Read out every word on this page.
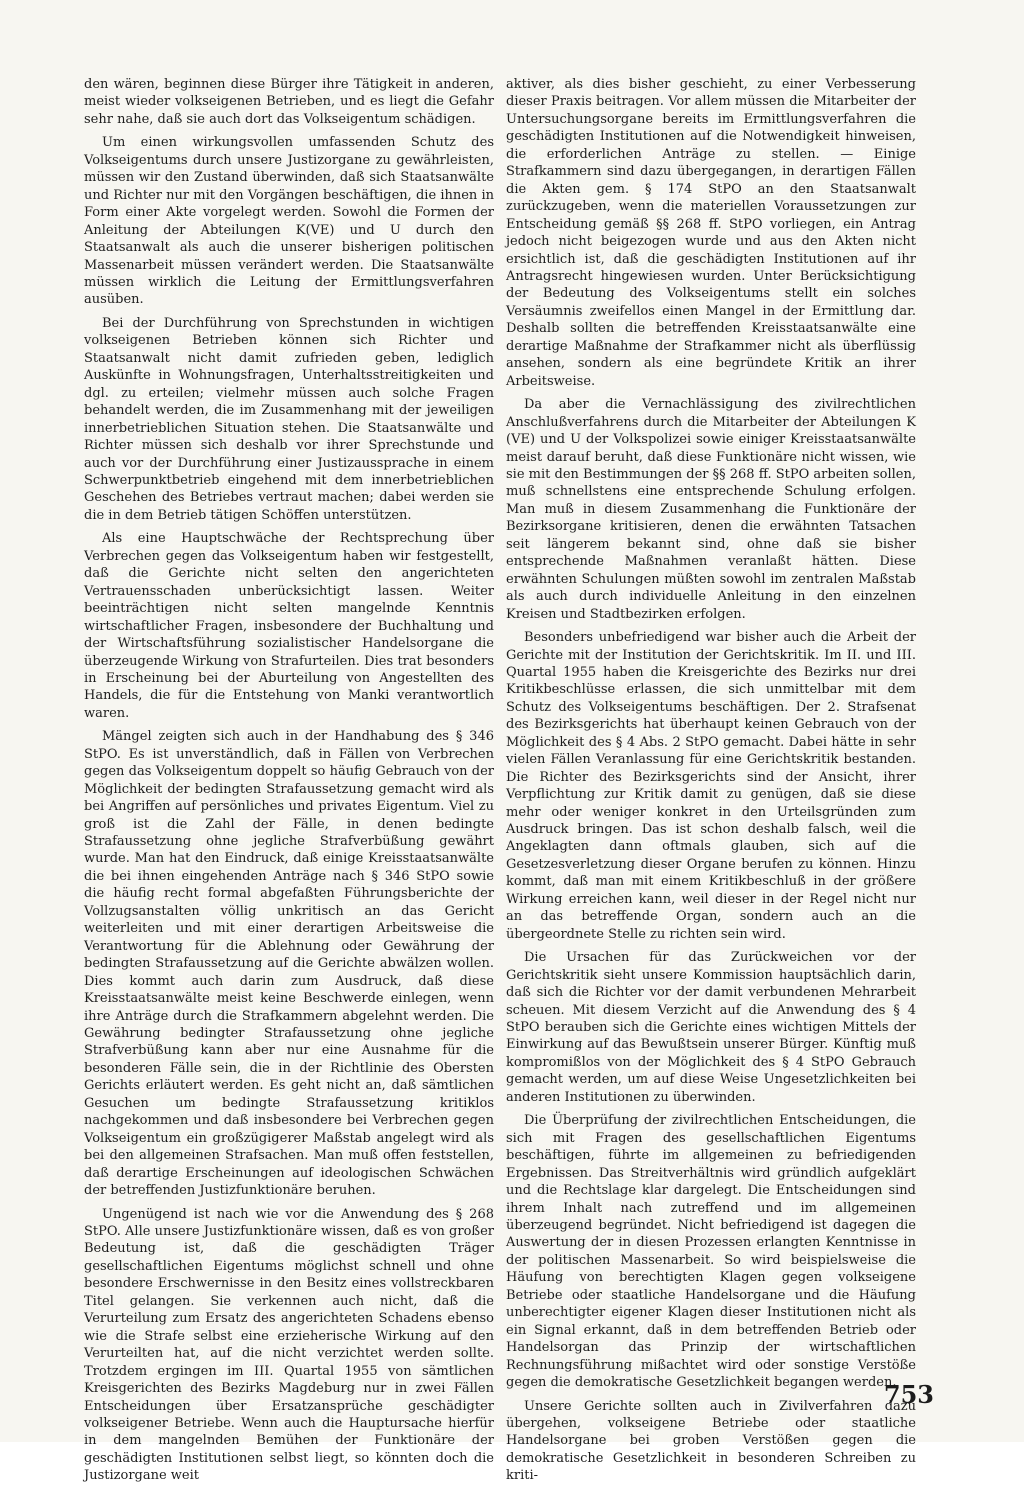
den wären, beginnen diese Bürger ihre Tätigkeit in anderen, meist wieder volkseigenen Betrieben, und es liegt die Gefahr sehr nahe, daß sie auch dort das Volkseigentum schädigen.

Um einen wirkungsvollen umfassenden Schutz des Volkseigentums durch unsere Justizorgane zu gewährleisten, müssen wir den Zustand überwinden, daß sich Staatsanwälte und Richter nur mit den Vorgängen beschäftigen, die ihnen in Form einer Akte vorgelegt werden. Sowohl die Formen der Anleitung der Abteilungen K(VE) und U durch den Staatsanwalt als auch die unserer bisherigen politischen Massenarbeit müssen verändert werden. Die Staatsanwälte müssen wirklich die Leitung der Ermittlungsverfahren ausüben.

Bei der Durchführung von Sprechstunden in wichtigen volkseigenen Betrieben können sich Richter und Staatsanwalt nicht damit zufrieden geben, lediglich Auskünfte in Wohnungsfragen, Unterhaltsstreitigkeiten und dgl. zu erteilen; vielmehr müssen auch solche Fragen behandelt werden, die im Zusammenhang mit der jeweiligen innerbetrieblichen Situation stehen. Die Staatsanwälte und Richter müssen sich deshalb vor ihrer Sprechstunde und auch vor der Durchführung einer Justizaussprache in einem Schwerpunktbetrieb eingehend mit dem innerbetrieblichen Geschehen des Betriebes vertraut machen; dabei werden sie die in dem Betrieb tätigen Schöffen unterstützen.

Als eine Hauptschwäche der Rechtsprechung über Verbrechen gegen das Volkseigentum haben wir festgestellt, daß die Gerichte nicht selten den angerichteten Vertrauensschaden unberücksichtigt lassen. Weiter beeinträchtigen nicht selten mangelnde Kenntnis wirtschaftlicher Fragen, insbesondere der Buchhaltung und der Wirtschaftsführung sozialistischer Handelsorgane die überzeugende Wirkung von Strafurteilen. Dies trat besonders in Erscheinung bei der Aburteilung von Angestellten des Handels, die für die Entstehung von Manki verantwortlich waren.

Mängel zeigten sich auch in der Handhabung des § 346 StPO. Es ist unverständlich, daß in Fällen von Verbrechen gegen das Volkseigentum doppelt so häufig Gebrauch von der Möglichkeit der bedingten Strafaussetzung gemacht wird als bei Angriffen auf persönliches und privates Eigentum. Viel zu groß ist die Zahl der Fälle, in denen bedingte Strafaussetzung ohne jegliche Strafverbüßung gewährt wurde. Man hat den Eindruck, daß einige Kreisstaatsanwälte die bei ihnen eingehenden Anträge nach § 346 StPO sowie die häufig recht formal abgefaßten Führungsberichte der Vollzugsanstalten völlig unkritisch an das Gericht weiterleiten und mit einer derartigen Arbeitsweise die Verantwortung für die Ablehnung oder Gewährung der bedingten Strafaussetzung auf die Gerichte abwälzen wollen. Dies kommt auch darin zum Ausdruck, daß diese Kreisstaatsanwälte meist keine Beschwerde einlegen, wenn ihre Anträge durch die Strafkammern abgelehnt werden. Die Gewährung bedingter Strafaussetzung ohne jegliche Strafverbüßung kann aber nur eine Ausnahme für die besonderen Fälle sein, die in der Richtlinie des Obersten Gerichts erläutert werden. Es geht nicht an, daß sämtlichen Gesuchen um bedingte Strafaussetzung kritiklos nachgekommen und daß insbesondere bei Verbrechen gegen Volkseigentum ein großzügigerer Maßstab angelegt wird als bei den allgemeinen Strafsachen. Man muß offen feststellen, daß derartige Erscheinungen auf ideologischen Schwächen der betreffenden Justizfunktionäre beruhen.

Ungenügend ist nach wie vor die Anwendung des § 268 StPO. Alle unsere Justizfunktionäre wissen, daß es von großer Bedeutung ist, daß die geschädigten Träger gesellschaftlichen Eigentums möglichst schnell und ohne besondere Erschwernisse in den Besitz eines vollstreckbaren Titel gelangen. Sie verkennen auch nicht, daß die Verurteilung zum Ersatz des angerichteten Schadens ebenso wie die Strafe selbst eine erzieherische Wirkung auf den Verurteilten hat, auf die nicht verzichtet werden sollte. Trotzdem ergingen im III. Quartal 1955 von sämtlichen Kreisgerichten des Bezirks Magdeburg nur in zwei Fällen Entscheidungen über Ersatzansprüche geschädigter volkseigener Betriebe. Wenn auch die Hauptursache hierfür in dem mangelnden Bemühen der Funktionäre der geschädigten Institutionen selbst liegt, so könnten doch die Justizorgane weit

aktiver, als dies bisher geschieht, zu einer Verbesserung dieser Praxis beitragen. Vor allem müssen die Mitarbeiter der Untersuchungsorgane bereits im Ermittlungsverfahren die geschädigten Institutionen auf die Notwendigkeit hinweisen, die erforderlichen Anträge zu stellen. — Einige Strafkammern sind dazu übergegangen, in derartigen Fällen die Akten gem. § 174 StPO an den Staatsanwalt zurückzugeben, wenn die materiellen Voraussetzungen zur Entscheidung gemäß §§ 268 ff. StPO vorliegen, ein Antrag jedoch nicht beigezogen wurde und aus den Akten nicht ersichtlich ist, daß die geschädigten Institutionen auf ihr Antragsrecht hingewiesen wurden. Unter Berücksichtigung der Bedeutung des Volkseigentums stellt ein solches Versäumnis zweifellos einen Mangel in der Ermittlung dar. Deshalb sollten die betreffenden Kreisstaatsanwälte eine derartige Maßnahme der Strafkammer nicht als überflüssig ansehen, sondern als eine begründete Kritik an ihrer Arbeitsweise.

Da aber die Vernachlässigung des zivilrechtlichen Anschlußverfahrens durch die Mitarbeiter der Abteilungen K (VE) und U der Volkspolizei sowie einiger Kreisstaatsanwälte meist darauf beruht, daß diese Funktionäre nicht wissen, wie sie mit den Bestimmungen der §§ 268 ff. StPO arbeiten sollen, muß schnellstens eine entsprechende Schulung erfolgen. Man muß in diesem Zusammenhang die Funktionäre der Bezirksorgane kritisieren, denen die erwähnten Tatsachen seit längerem bekannt sind, ohne daß sie bisher entsprechende Maßnahmen veranlaßt hätten. Diese erwähnten Schulungen müßten sowohl im zentralen Maßstab als auch durch individuelle Anleitung in den einzelnen Kreisen und Stadtbezirken erfolgen.

Besonders unbefriedigend war bisher auch die Arbeit der Gerichte mit der Institution der Gerichtskritik. Im II. und III. Quartal 1955 haben die Kreisgerichte des Bezirks nur drei Kritikbeschlüsse erlassen, die sich unmittelbar mit dem Schutz des Volkseigentums beschäftigen. Der 2. Strafsenat des Bezirksgerichts hat überhaupt keinen Gebrauch von der Möglichkeit des § 4 Abs. 2 StPO gemacht. Dabei hätte in sehr vielen Fällen Veranlassung für eine Gerichtskritik bestanden. Die Richter des Bezirksgerichts sind der Ansicht, ihrer Verpflichtung zur Kritik damit zu genügen, daß sie diese mehr oder weniger konkret in den Urteilsgründen zum Ausdruck bringen. Das ist schon deshalb falsch, weil die Angeklagten dann oftmals glauben, sich auf die Gesetzesverletzung dieser Organe berufen zu können. Hinzu kommt, daß man mit einem Kritikbeschluß in der größere Wirkung erreichen kann, weil dieser in der Regel nicht nur an das betreffende Organ, sondern auch an die übergeordnete Stelle zu richten sein wird.

Die Ursachen für das Zurückweichen vor der Gerichtskritik sieht unsere Kommission hauptsächlich darin, daß sich die Richter vor der damit verbundenen Mehrarbeit scheuen. Mit diesem Verzicht auf die Anwendung des § 4 StPO berauben sich die Gerichte eines wichtigen Mittels der Einwirkung auf das Bewußtsein unserer Bürger. Künftig muß kompromißlos von der Möglichkeit des § 4 StPO Gebrauch gemacht werden, um auf diese Weise Ungesetzlichkeiten bei anderen Institutionen zu überwinden.

Die Überprüfung der zivilrechtlichen Entscheidungen, die sich mit Fragen des gesellschaftlichen Eigentums beschäftigen, führte im allgemeinen zu befriedigenden Ergebnissen. Das Streitverhältnis wird gründlich aufgeklärt und die Rechtslage klar dargelegt. Die Entscheidungen sind ihrem Inhalt nach zutreffend und im allgemeinen überzeugend begründet. Nicht befriedigend ist dagegen die Auswertung der in diesen Prozessen erlangten Kenntnisse in der politischen Massenarbeit. So wird beispielsweise die Häufung von berechtigten Klagen gegen volkseigene Betriebe oder staatliche Handelsorgane und die Häufung unberechtigter eigener Klagen dieser Institutionen nicht als ein Signal erkannt, daß in dem betreffenden Betrieb oder Handelsorgan das Prinzip der wirtschaftlichen Rechnungsführung mißachtet wird oder sonstige Verstöße gegen die demokratische Gesetzlichkeit begangen werden.

Unsere Gerichte sollten auch in Zivilverfahren dazu übergehen, volkseigene Betriebe oder staatliche Handelsorgane bei groben Verstößen gegen die demokratische Gesetzlichkeit in besonderen Schreiben zu kriti-

753
